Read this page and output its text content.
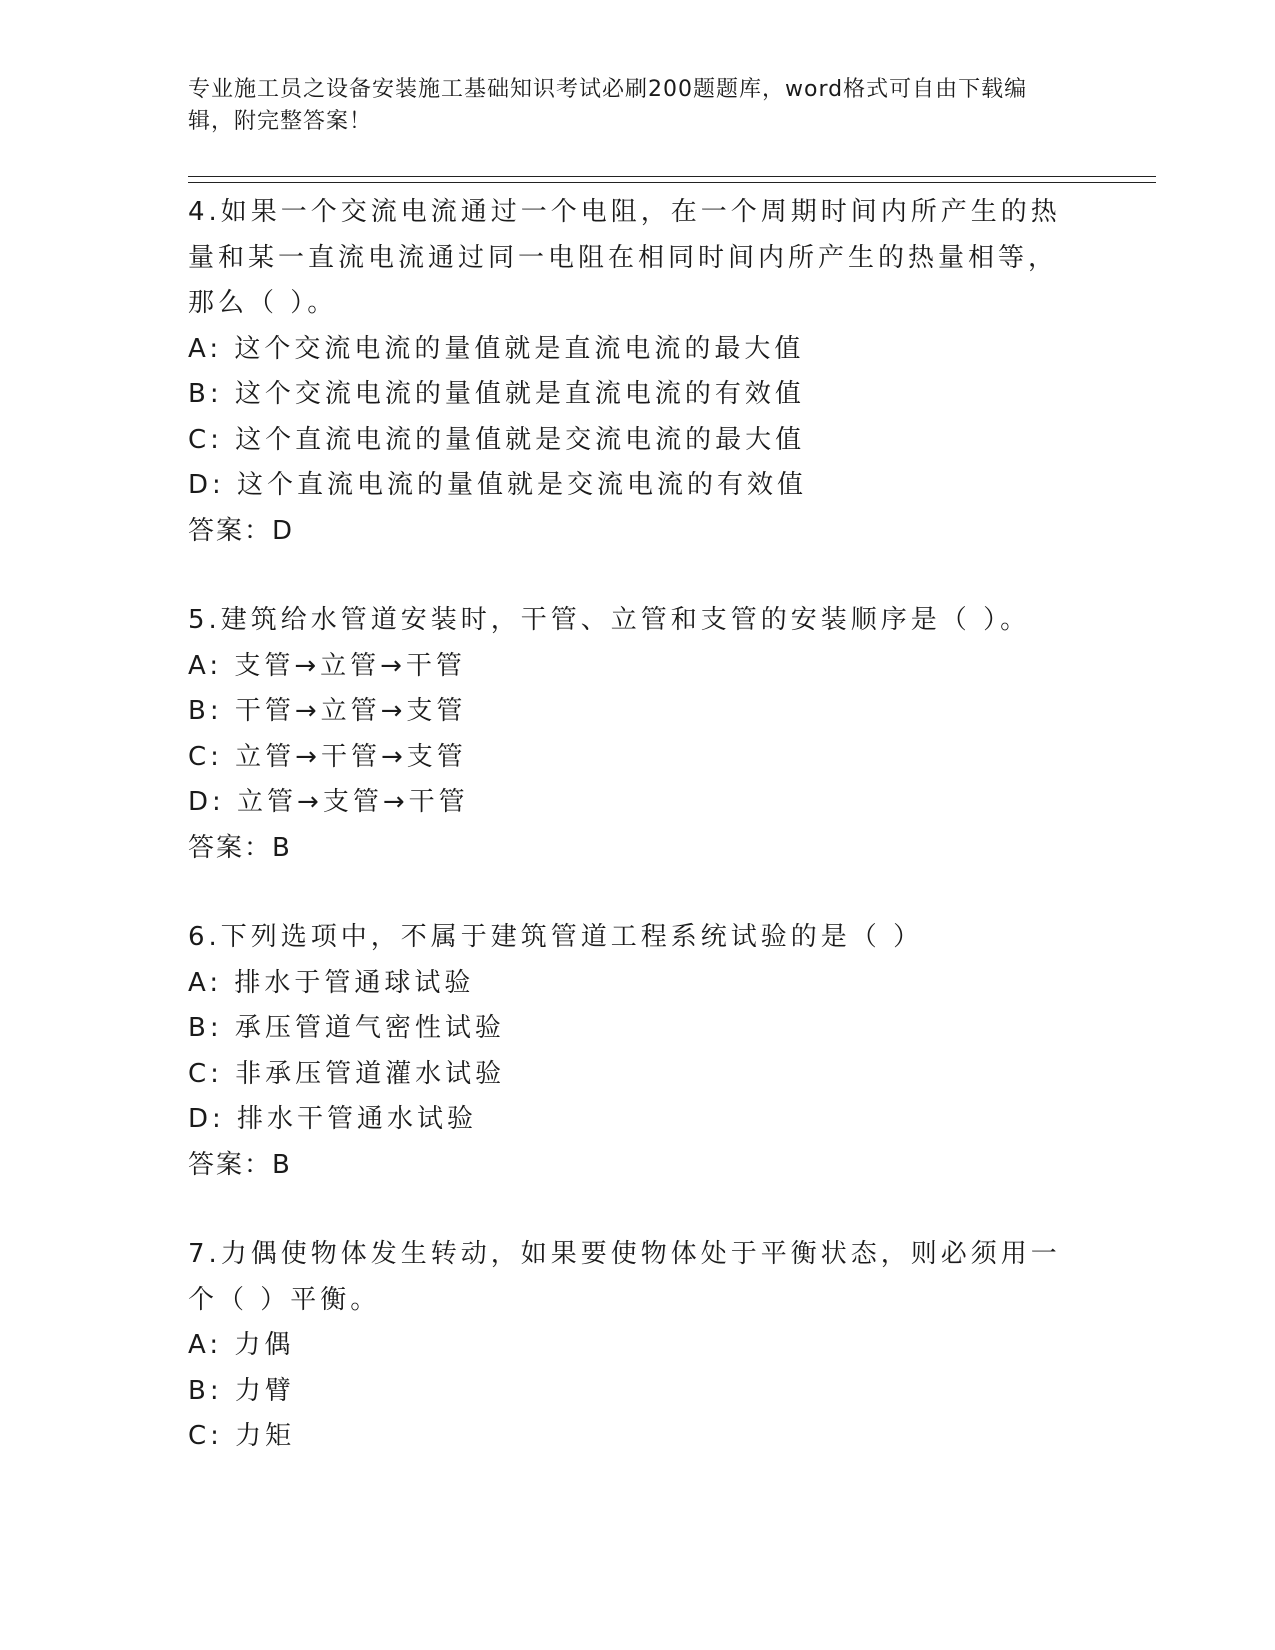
专业施工员之设备安装施工基础知识考试必刷200题题库，word格式可自由下载编辑，附完整答案！

4.如果一个交流电流通过一个电阻，在一个周期时间内所产生的热量和某一直流电流通过同一电阻在相同时间内所产生的热量相等，那么（ ）。

A: 这个交流电流的量值就是直流电流的最大值

B: 这个交流电流的量值就是直流电流的有效值

C: 这个直流电流的量值就是交流电流的最大值

D: 这个直流电流的量值就是交流电流的有效值

答案：D

5.建筑给水管道安装时，干管、立管和支管的安装顺序是（ ）。

A: 支管→立管→干管

B: 干管→立管→支管

C: 立管→干管→支管

D: 立管→支管→干管

答案：B

6.下列选项中，不属于建筑管道工程系统试验的是（ ）

A: 排水于管通球试验

B: 承压管道气密性试验

C: 非承压管道灌水试验

D: 排水干管通水试验

答案：B

7.力偶使物体发生转动，如果要使物体处于平衡状态，则必须用一个（ ）平衡。

A: 力偶

B: 力臂

C: 力矩
